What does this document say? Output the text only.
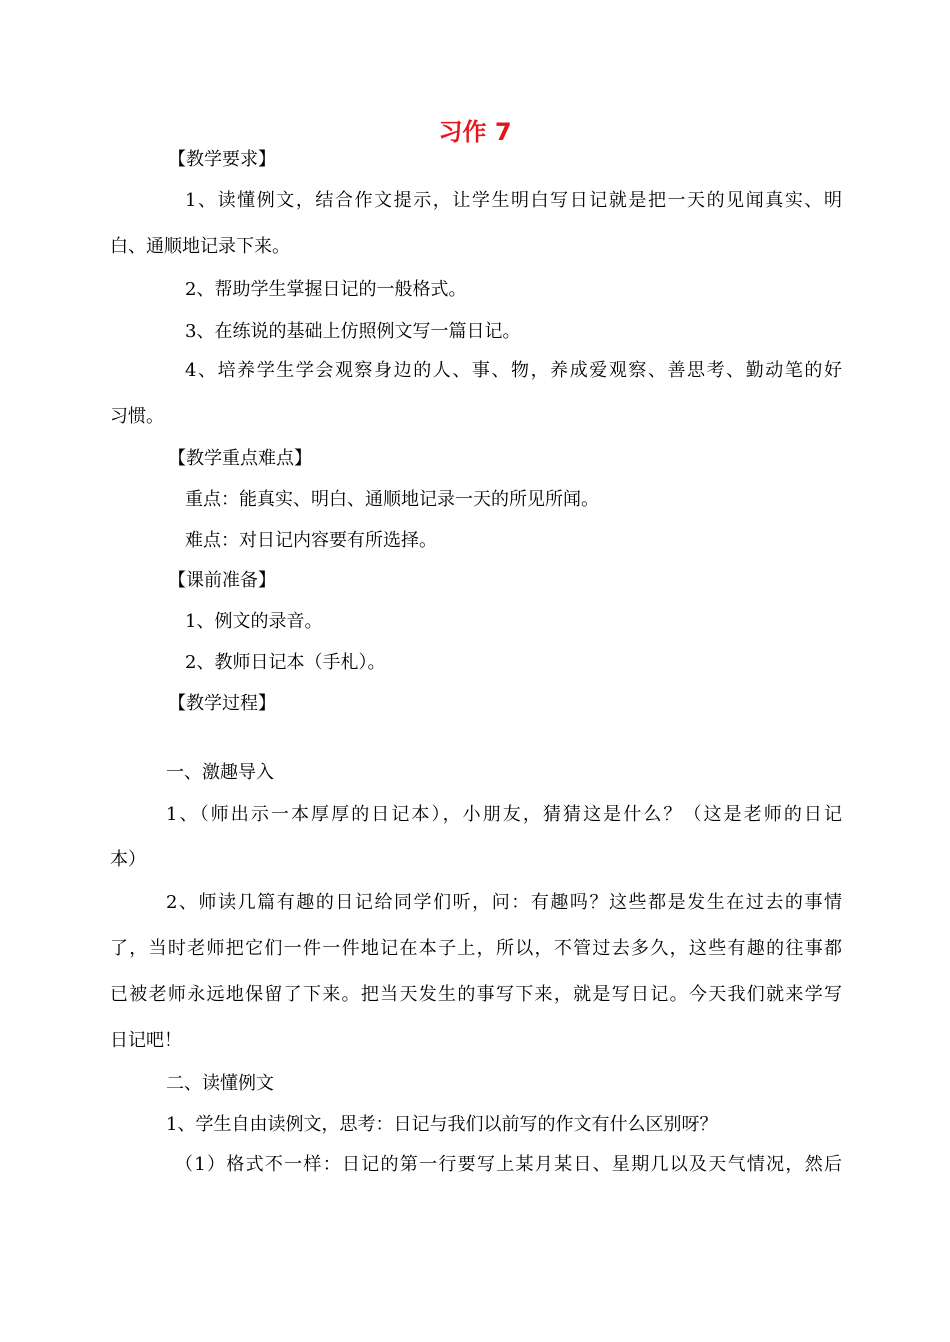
习作 7
【教学要求】
1、读懂例文，结合作文提示，让学生明白写日记就是把一天的见闻真实、明
白、通顺地记录下来。
2、帮助学生掌握日记的一般格式。
3、在练说的基础上仿照例文写一篇日记。
4、培养学生学会观察身边的人、事、物，养成爱观察、善思考、勤动笔的好
习惯。
【教学重点难点】
重点：能真实、明白、通顺地记录一天的所见所闻。
难点：对日记内容要有所选择。
【课前准备】
1、例文的录音。
2、教师日记本（手札）。
【教学过程】
一、激趣导入
1、（师出示一本厚厚的日记本），小朋友，猜猜这是什么？（这是老师的日记
本）
2、师读几篇有趣的日记给同学们听，问：有趣吗？这些都是发生在过去的事情
了，当时老师把它们一件一件地记在本子上，所以，不管过去多久，这些有趣的往事都
已被老师永远地保留了下来。把当天发生的事写下来，就是写日记。今天我们就来学写
日记吧！
二、读懂例文
1、学生自由读例文，思考：日记与我们以前写的作文有什么区别呀？
（1）格式不一样：日记的第一行要写上某月某日、星期几以及天气情况，然后
